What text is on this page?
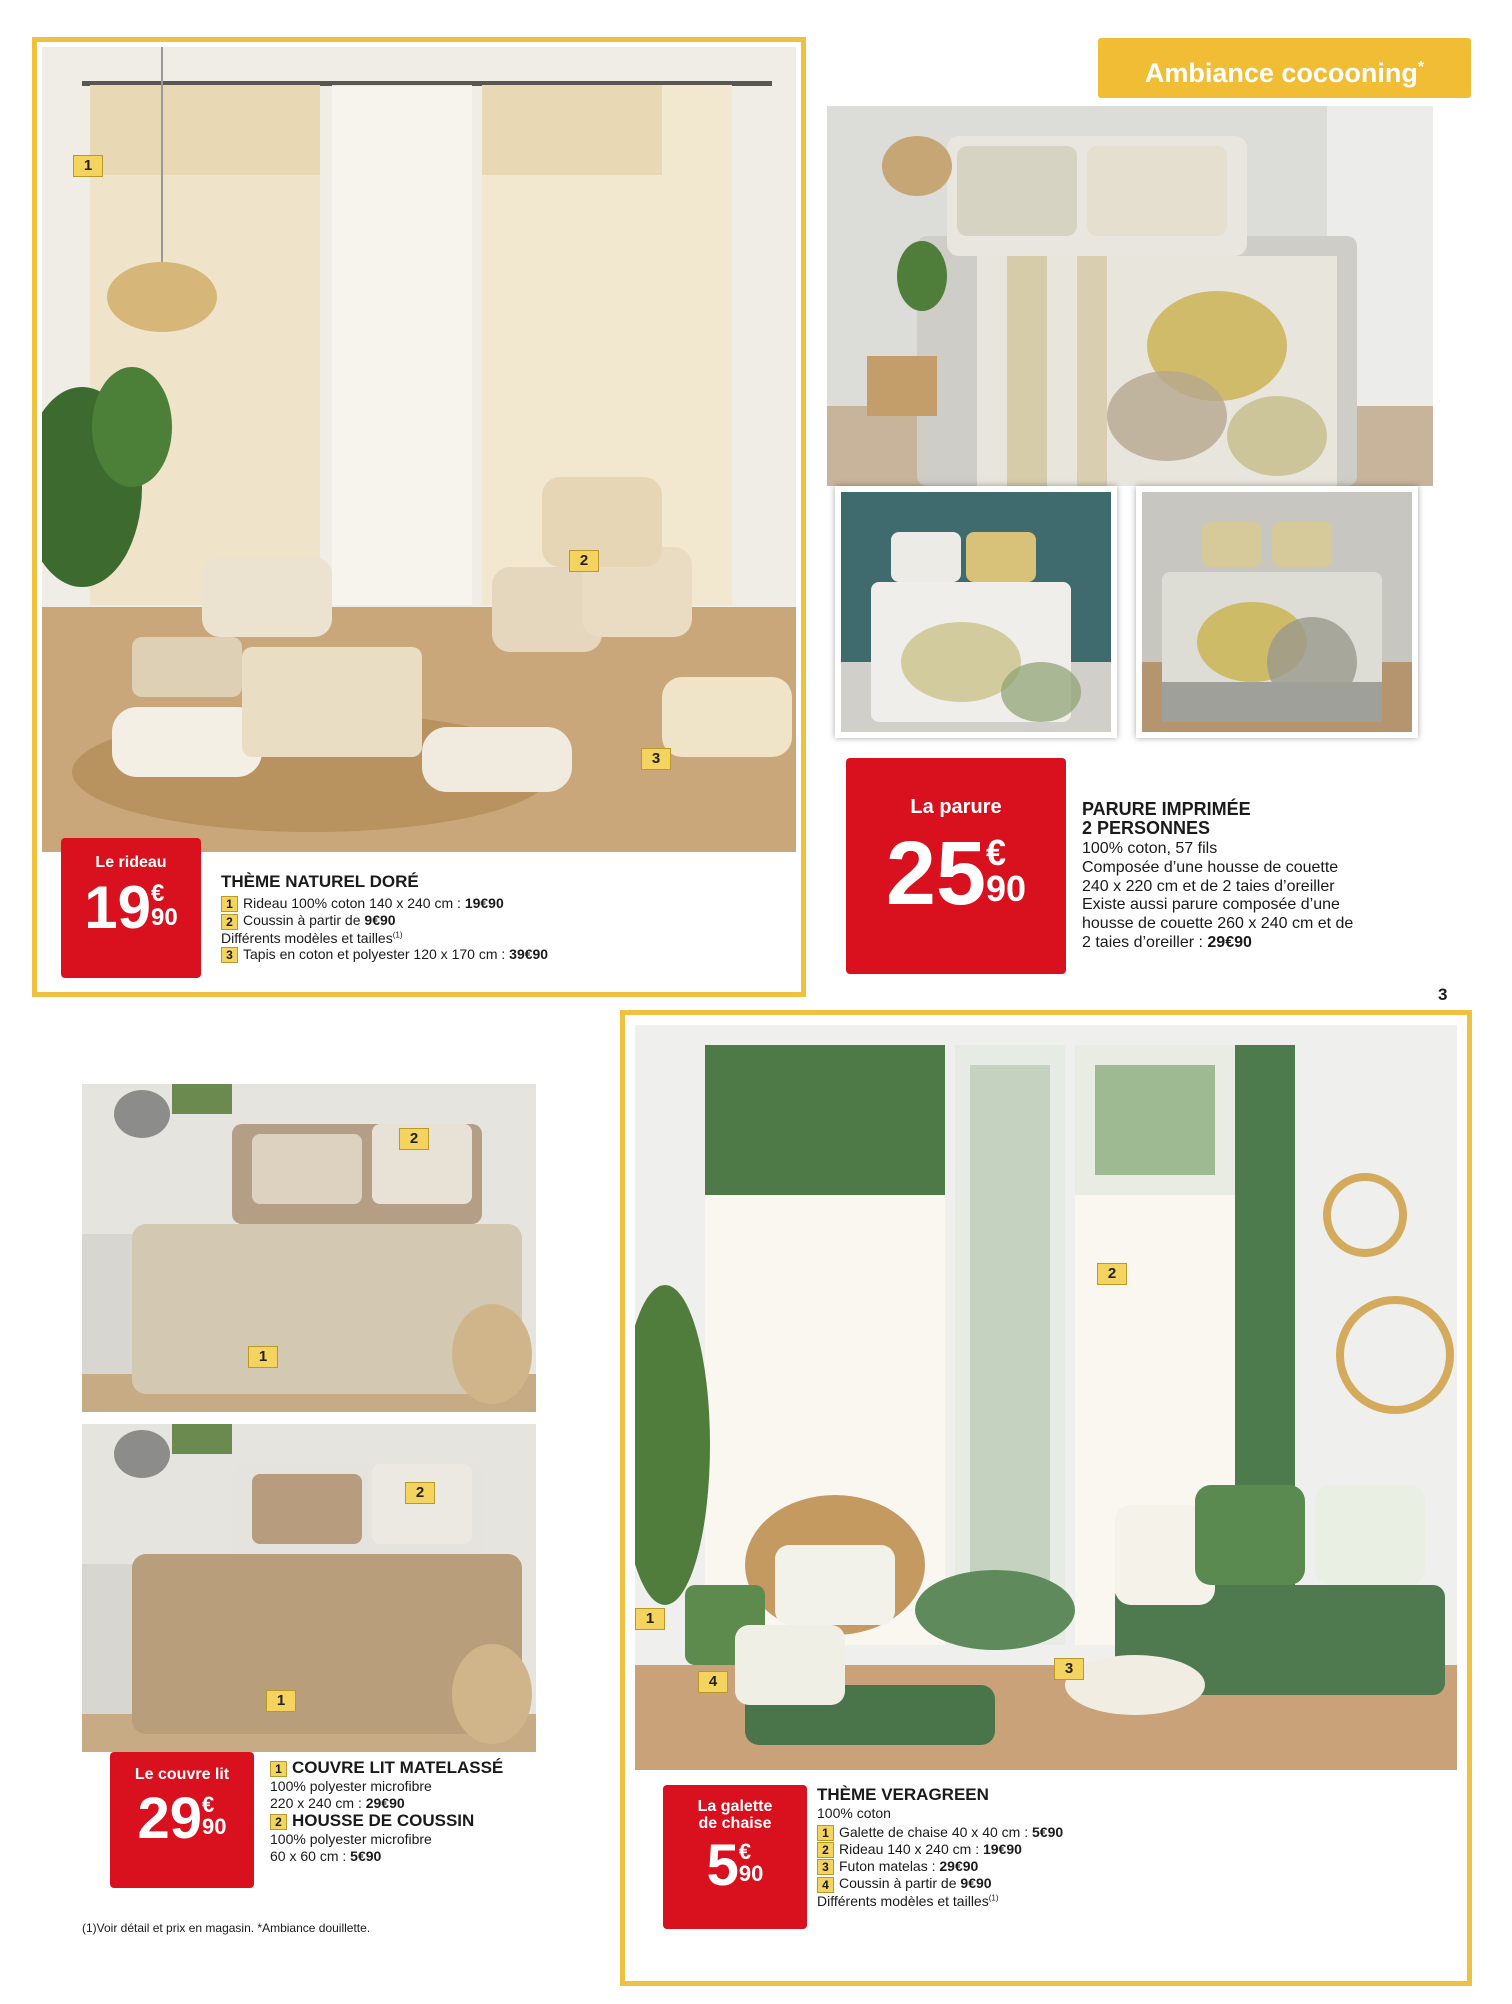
1
2
3
Le rideau
19 €
90
THÈME NATUREL DORÉ
1 Rideau 100% coton 140 x 240 cm : 19€90
2 Coussin à partir de 9€90
Différents modèles et tailles$^{(1)}$
3 Tapis en coton et polyester 120 x 170 cm : 39€90
Ambiance cocooning*
La parure
25 €
90
PARURE IMPRIMÉE
2 PERSONNES
100% coton, 57 fils
Composée d’une housse de couette
240 x 220 cm et de 2 taies d’oreiller
Existe aussi parure composée d’une
housse de couette 260 x 240 cm et de
2 taies d’oreiller : 29€90
3
2
1
2
1
Le couvre lit
29 €
90
1 COUVRE LIT MATELASSÉ
100% polyester microfibre
220 x 240 cm : 29€90
2 HOUSSE DE COUSSIN
100% polyester microfibre
60 x 60 cm : 5€90
(1)Voir détail et prix en magasin. *Ambiance douillette.
2
1
4
3
La galette
de chaise
5 €
90
THÈME VERAGREEN
100% coton
1 Galette de chaise 40 x 40 cm : 5€90
2 Rideau 140 x 240 cm : 19€90
3 Futon matelas : 29€90
4 Coussin à partir de 9€90
Différents modèles et tailles$^{(1)}$
